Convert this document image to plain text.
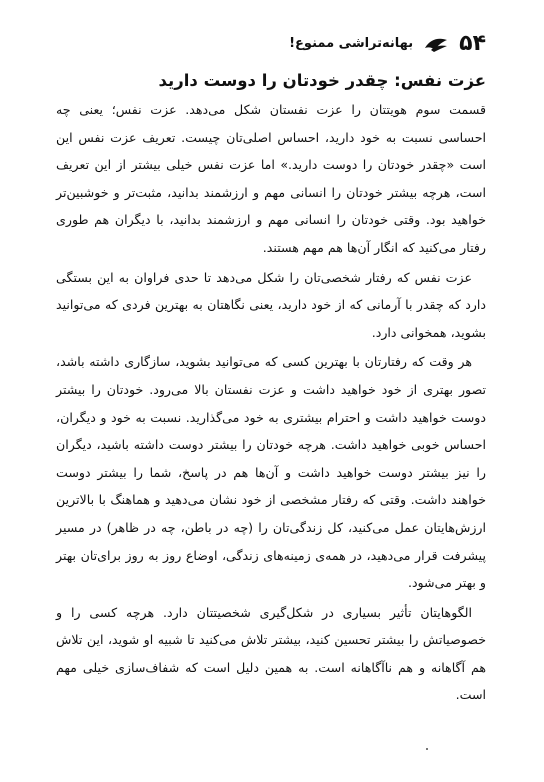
۵۴
بهانه‌تراشی ممنوع!
عزت نفس: چقدر خودتان را دوست دارید

قسمت سوم هویتتان را عزت نفستان شکل می‌دهد. عزت نفس؛ یعنی چه احساسی نسبت به خود دارید، احساس اصلی‌تان چیست. تعریف عزت نفس این است «چقدر خودتان را دوست دارید.» اما عزت نفس خیلی بیشتر از این تعریف است، هرچه بیشتر خودتان را انسانی مهم و ارزشمند بدانید، مثبت‌تر و خوشبین‌تر خواهید بود. وقتی خودتان را انسانی مهم و ارزشمند بدانید، با دیگران هم طوری رفتار می‌کنید که انگار آن‌ها هم مهم هستند.

عزت نفس که رفتار شخصی‌تان را شکل می‌دهد تا حدی فراوان به این بستگی دارد که چقدر با آرمانی که از خود دارید، یعنی نگاهتان به بهترین فردی که می‌توانید بشوید، همخوانی دارد.

هر وقت که رفتارتان با بهترین کسی که می‌توانید بشوید، سازگاری داشته باشد، تصور بهتری از خود خواهید داشت و عزت نفستان بالا می‌رود. خودتان را بیشتر دوست خواهید داشت و احترام بیشتری به خود می‌گذارید. نسبت به خود و دیگران، احساس خوبی خواهید داشت. هرچه خودتان را بیشتر دوست داشته باشید، دیگران را نیز بیشتر دوست خواهید داشت و آن‌ها هم در پاسخ، شما را بیشتر دوست خواهند داشت. وقتی که رفتار مشخصی از خود نشان می‌دهید و هماهنگ با بالاترین ارزش‌هایتان عمل می‌کنید، کل زندگی‌تان را (چه در باطن، چه در ظاهر) در مسیر پیشرفت قرار می‌دهید، در همه‌ی زمینه‌های زندگی، اوضاع روز به روز برای‌تان بهتر و بهتر می‌شود.

الگوهایتان تأثیر بسیاری در شکل‌گیری شخصیتتان دارد. هرچه کسی را و خصوصیاتش را بیشتر تحسین کنید، بیشتر تلاش می‌کنید تا شبیه او شوید، این تلاش هم آگاهانه و هم ناآگاهانه است. به همین دلیل است که شفاف‌سازی خیلی مهم است.
